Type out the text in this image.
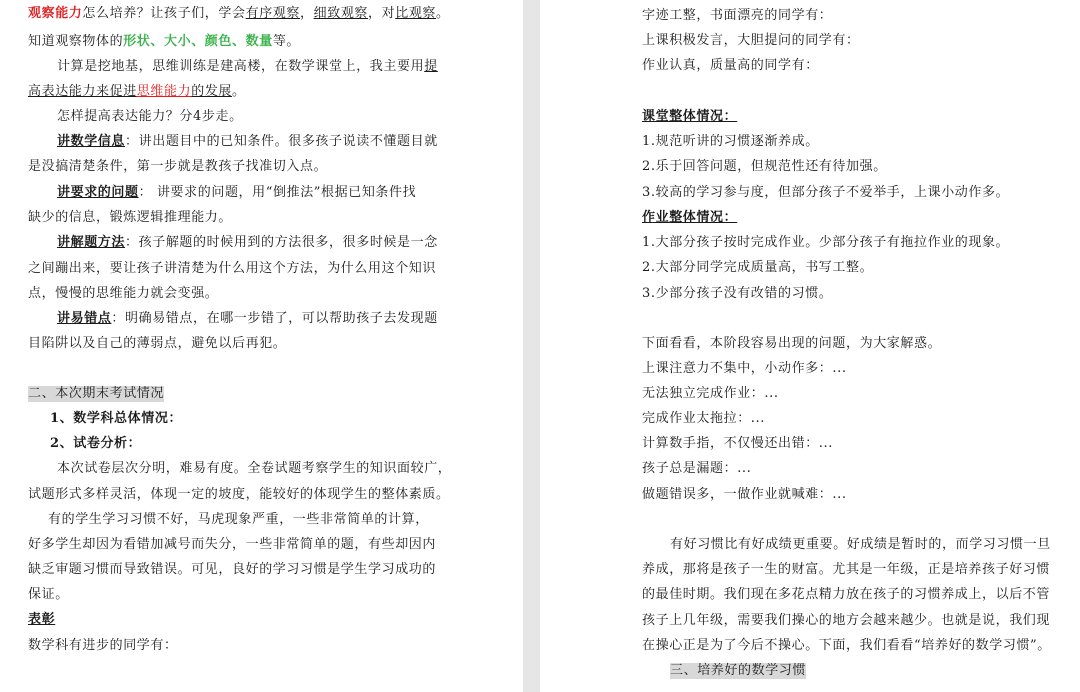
观察能力怎么培养？让孩子们，学会有序观察，细致观察，对比观察。
知道观察物体的形状、大小、颜色、数量等。
计算是挖地基，思维训练是建高楼，在数学课堂上，我主要用提
高表达能力来促进思维能力的发展。
怎样提高表达能力？分4步走。
讲数学信息：讲出题目中的已知条件。很多孩子说读不懂题目就
是没搞清楚条件，第一步就是教孩子找准切入点。
讲要求的问题： 讲要求的问题，用“倒推法”根据已知条件找
缺少的信息，锻炼逻辑推理能力。
讲解题方法：孩子解题的时候用到的方法很多，很多时候是一念
之间蹦出来，要让孩子讲清楚为什么用这个方法，为什么用这个知识
点，慢慢的思维能力就会变强。
讲易错点：明确易错点，在哪一步错了，可以帮助孩子去发现题
目陷阱以及自己的薄弱点，避免以后再犯。
二、本次期末考试情况
1、数学科总体情况：
2、试卷分析：
本次试卷层次分明，难易有度。全卷试题考察学生的知识面较广，
试题形式多样灵活，体现一定的坡度，能较好的体现学生的整体素质。
有的学生学习习惯不好，马虎现象严重，一些非常简单的计算，
好多学生却因为看错加减号而失分，一些非常简单的题，有些却因内
缺乏审题习惯而导致错误。可见，良好的学习习惯是学生学习成功的
保证。
表彰
数学科有进步的同学有：
字迹工整，书面漂亮的同学有：
上课积极发言，大胆提问的同学有：
作业认真，质量高的同学有：
课堂整体情况：
1.规范听讲的习惯逐渐养成。
2.乐于回答问题，但规范性还有待加强。
3.较高的学习参与度，但部分孩子不爱举手，上课小动作多。
作业整体情况：
1.大部分孩子按时完成作业。少部分孩子有拖拉作业的现象。
2.大部分同学完成质量高，书写工整。
3.少部分孩子没有改错的习惯。
下面看看，本阶段容易出现的问题，为大家解惑。
上课注意力不集中，小动作多：...
无法独立完成作业：...
完成作业太拖拉：...
计算数手指，不仅慢还出错：...
孩子总是漏题：...
做题错误多，一做作业就喊难：...
有好习惯比有好成绩更重要。好成绩是暂时的，而学习习惯一旦
养成，那将是孩子一生的财富。尤其是一年级，正是培养孩子好习惯
的最佳时期。我们现在多花点精力放在孩子的习惯养成上，以后不管
孩子上几年级，需要我们操心的地方会越来越少。也就是说，我们现
在操心正是为了今后不操心。下面，我们看看“培养好的数学习惯”。
三、培养好的数学习惯
